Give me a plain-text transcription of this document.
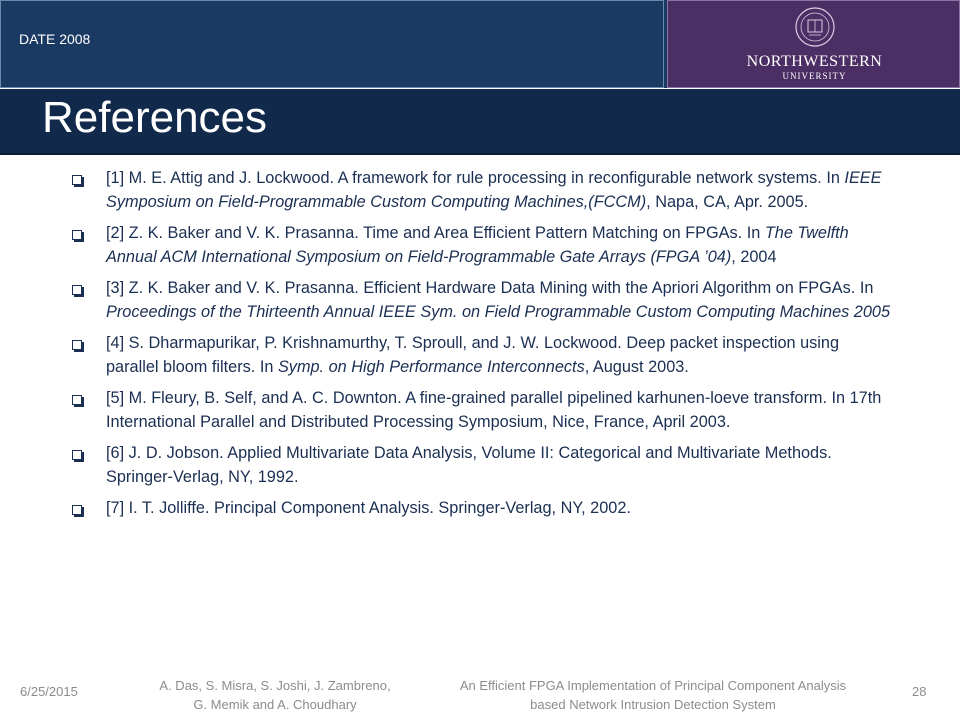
DATE 2008
NORTHWESTERN
UNIVERSITY
References
[1] M. E. Attig and J. Lockwood. A framework for rule processing in reconfigurable network systems. In IEEE Symposium on Field-Programmable Custom Computing Machines,(FCCM), Napa, CA, Apr. 2005.
[2] Z. K. Baker and V. K. Prasanna. Time and Area Efficient Pattern Matching on FPGAs. In The Twelfth Annual ACM International Symposium on Field-Programmable Gate Arrays (FPGA ’04), 2004
[3] Z. K. Baker and V. K. Prasanna. Efficient Hardware Data Mining with the Apriori Algorithm on FPGAs. In Proceedings of the Thirteenth Annual IEEE Sym. on Field Programmable Custom Computing Machines 2005
[4] S. Dharmapurikar, P. Krishnamurthy, T. Sproull, and J. W. Lockwood. Deep packet inspection using parallel bloom filters. In Symp. on High Performance Interconnects, August 2003.
[5] M. Fleury, B. Self, and A. C. Downton. A fine-grained parallel pipelined karhunen-loeve transform. In 17th International Parallel and Distributed Processing Symposium, Nice, France, April 2003.
[6] J. D. Jobson. Applied Multivariate Data Analysis, Volume II: Categorical and Multivariate Methods. Springer-Verlag, NY, 1992.
[7] I. T. Jolliffe. Principal Component Analysis. Springer-Verlag, NY, 2002.
6/25/2015	A. Das, S. Misra, S. Joshi, J. Zambreno,
G. Memik and A. Choudhary
An Efficient FPGA Implementation of Principal Component Analysis
based Network Intrusion Detection System
28
